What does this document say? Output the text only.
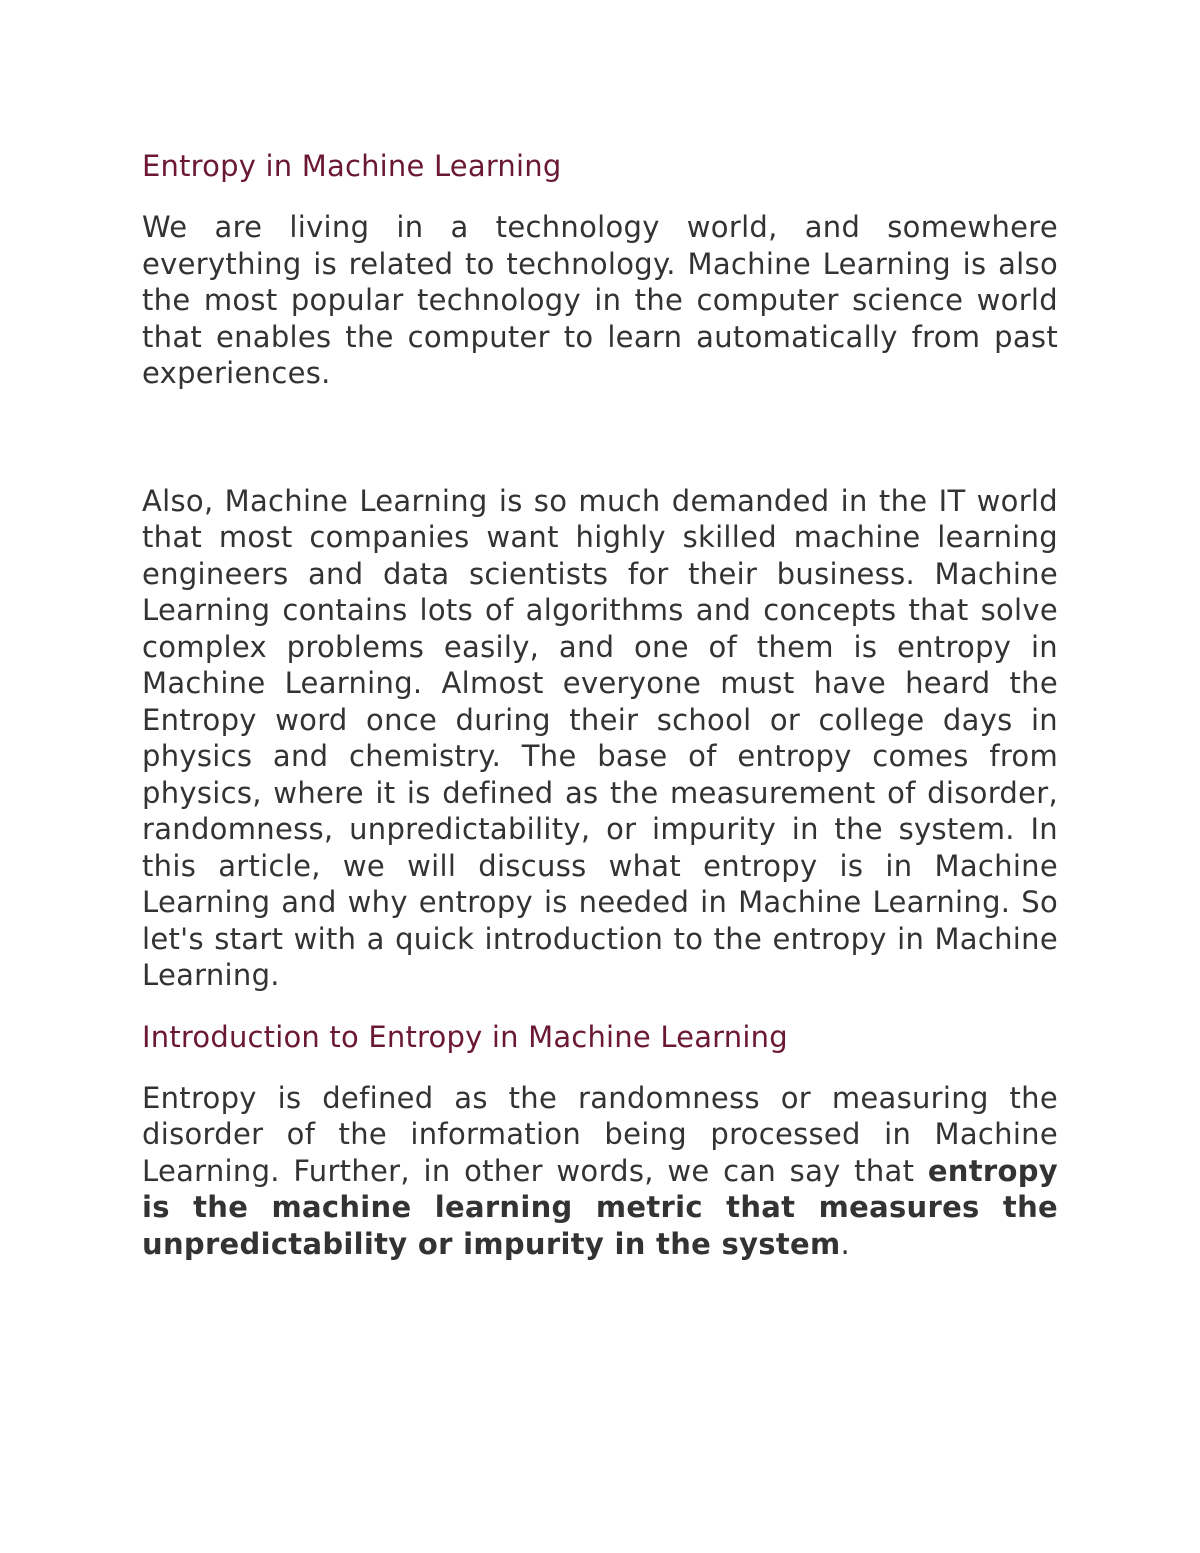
Entropy in Machine Learning

We are living in a technology world, and somewhere everything is related to technology. Machine Learning is also the most popular technology in the computer science world that enables the computer to learn automatically from past experiences.

Also, Machine Learning is so much demanded in the IT world that most companies want highly skilled machine learning engineers and data scientists for their business. Machine Learning contains lots of algorithms and concepts that solve complex problems easily, and one of them is entropy in Machine Learning. Almost everyone must have heard the Entropy word once during their school or college days in physics and chemistry. The base of entropy comes from physics, where it is defined as the measurement of disorder, randomness, unpredictability, or impurity in the system. In this article, we will discuss what entropy is in Machine Learning and why entropy is needed in Machine Learning. So let's start with a quick introduction to the entropy in Machine Learning.

Introduction to Entropy in Machine Learning

Entropy is defined as the randomness or measuring the disorder of the information being processed in Machine Learning. Further, in other words, we can say that entropy is the machine learning metric that measures the unpredictability or impurity in the system.
